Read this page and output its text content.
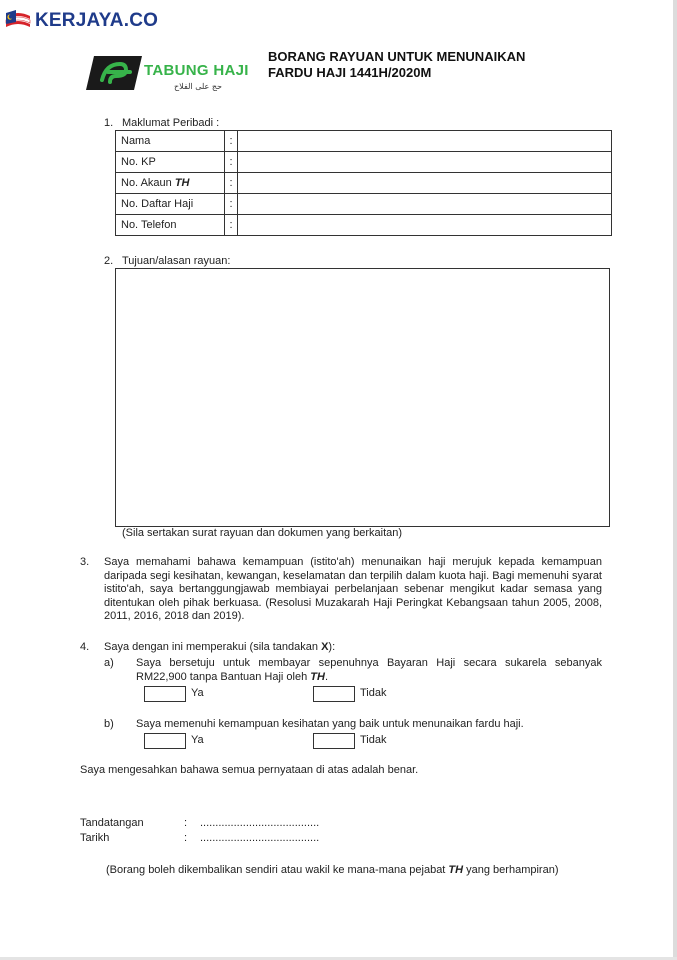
KERJAYA.CO
TABUNG HAJI
حج على الفلاح
BORANG RAYUAN UNTUK MENUNAIKAN
FARDU HAJI 1441H/2020M
1. Maklumat Peribadi :
Nama	:	
No. KP	:	
No. Akaun TH	:	
No. Daftar Haji	:	
No. Telefon	:	
2. Tujuan/alasan rayuan:
(Sila sertakan surat rayuan dan dokumen yang berkaitan)
3. Saya memahami bahawa kemampuan (istito'ah) menunaikan haji merujuk kepada kemampuan daripada segi kesihatan, kewangan, keselamatan dan terpilih dalam kuota haji. Bagi memenuhi syarat istito'ah, saya bertanggungjawab membiayai perbelanjaan sebenar mengikut kadar semasa yang ditentukan oleh pihak berkuasa. (Resolusi Muzakarah Haji Peringkat Kebangsaan tahun 2005, 2008, 2011, 2016, 2018 dan 2019).
4. Saya dengan ini memperakui (sila tandakan X):
a) Saya bersetuju untuk membayar sepenuhnya Bayaran Haji secara sukarela sebanyak RM22,900 tanpa Bantuan Haji oleh TH.
Ya	Tidak
b) Saya memenuhi kemampuan kesihatan yang baik untuk menunaikan fardu haji.
Ya	Tidak
Saya mengesahkan bahawa semua pernyataan di atas adalah benar.
Tandatangan	: .......................................
Tarikh	: .......................................
(Borang boleh dikembalikan sendiri atau wakil ke mana-mana pejabat TH yang berhampiran)
